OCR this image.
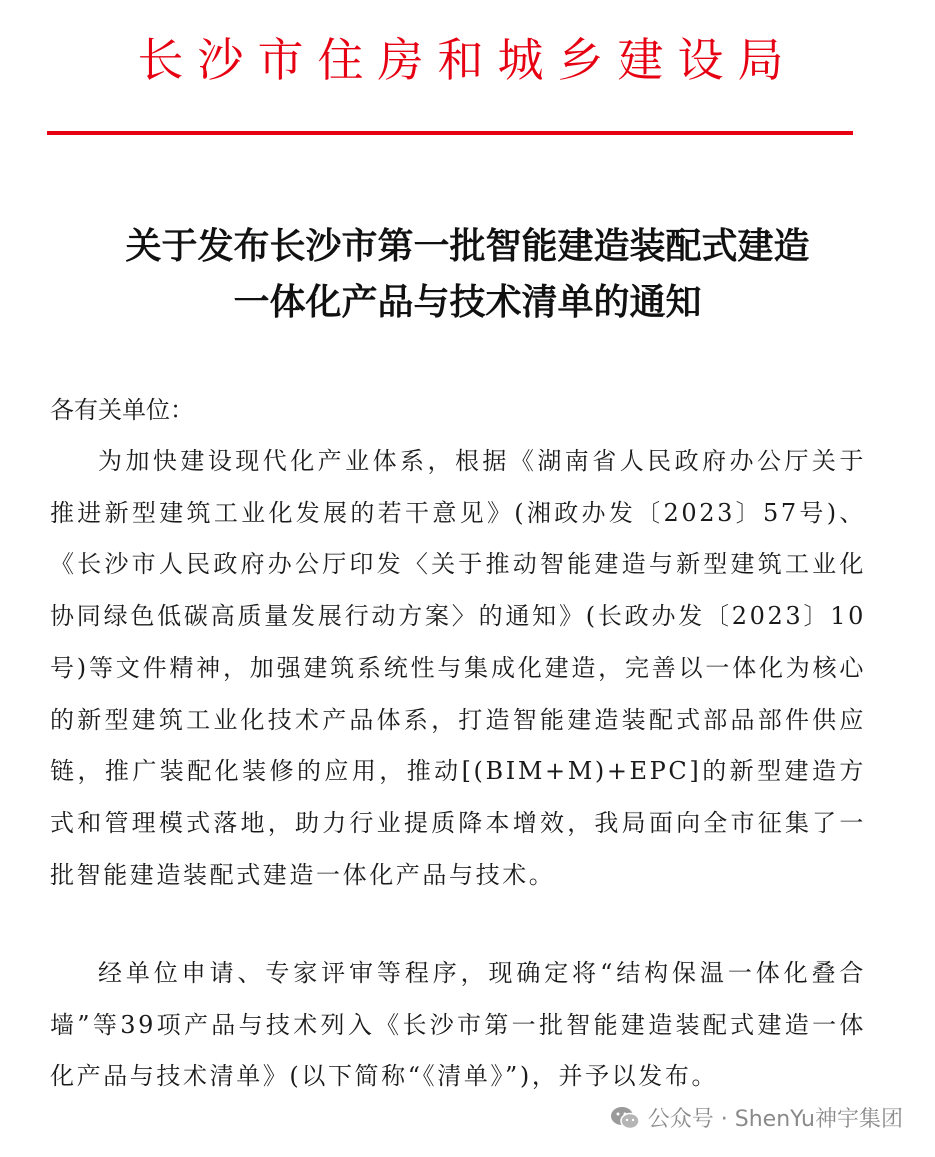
长沙市住房和城乡建设局
关于发布长沙市第一批智能建造装配式建造
一体化产品与技术清单的通知
各有关单位：

为加快建设现代化产业体系，根据《湖南省人民政府办公厅关于推进新型建筑工业化发展的若干意见》(湘政办发〔2023〕57号)、《长沙市人民政府办公厅印发〈关于推动智能建造与新型建筑工业化协同绿色低碳高质量发展行动方案〉的通知》(长政办发〔2023〕10号)等文件精神，加强建筑系统性与集成化建造，完善以一体化为核心的新型建筑工业化技术产品体系，打造智能建造装配式部品部件供应链，推广装配化装修的应用，推动[(BIM+M)+EPC]的新型建造方式和管理模式落地，助力行业提质降本增效，我局面向全市征集了一批智能建造装配式建造一体化产品与技术。

经单位申请、专家评审等程序，现确定将“结构保温一体化叠合墙”等39项产品与技术列入《长沙市第一批智能建造装配式建造一体化产品与技术清单》(以下简称“《清单》”)，并予以发布。

公众号 · ShenYu神宇集团
